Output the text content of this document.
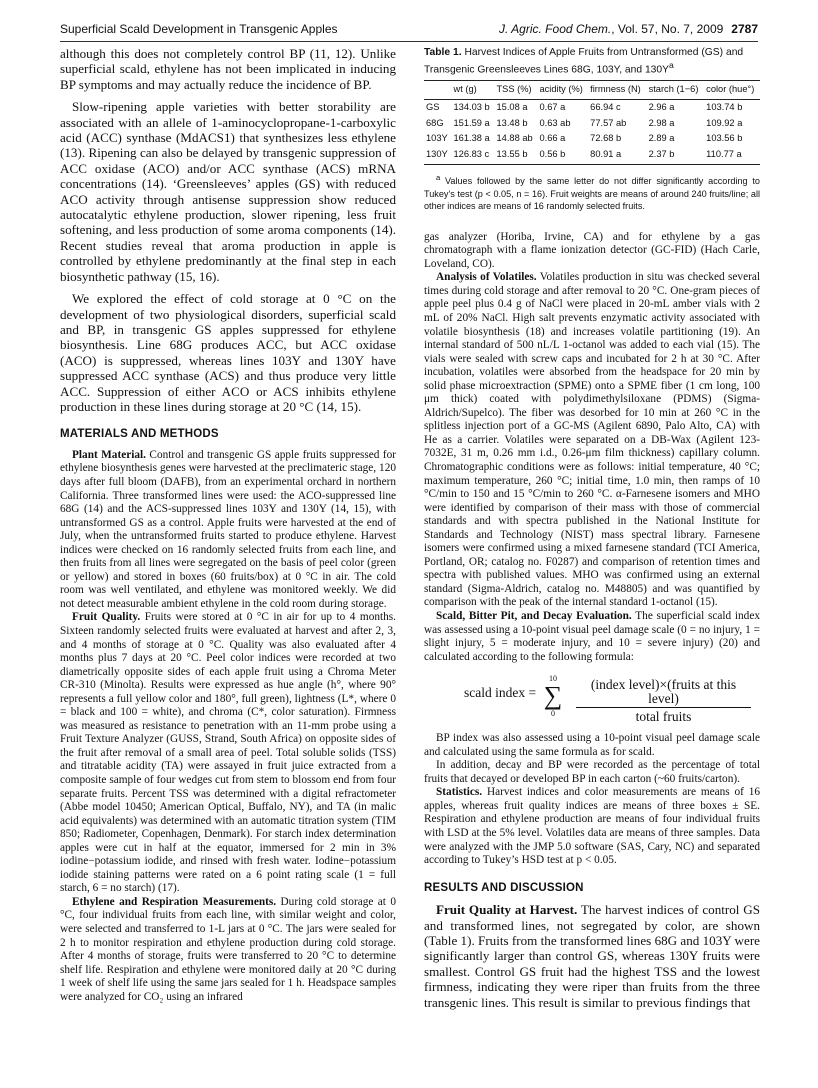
Superficial Scald Development in Transgenic Apples	J. Agric. Food Chem., Vol. 57, No. 7, 2009 2787

although this does not completely control BP (11, 12). Unlike superficial scald, ethylene has not been implicated in inducing BP symptoms and may actually reduce the incidence of BP.

Slow-ripening apple varieties with better storability are associated with an allele of 1-aminocyclopropane-1-carboxylic acid (ACC) synthase (MdACS1) that synthesizes less ethylene (13). Ripening can also be delayed by transgenic suppression of ACC oxidase (ACO) and/or ACC synthase (ACS) mRNA concentrations (14). ‘Greensleeves’ apples (GS) with reduced ACO activity through antisense suppression show reduced autocatalytic ethylene production, slower ripening, less fruit softening, and less production of some aroma components (14). Recent studies reveal that aroma production in apple is controlled by ethylene predominantly at the final step in each biosynthetic pathway (15, 16).

We explored the effect of cold storage at 0 °C on the development of two physiological disorders, superficial scald and BP, in transgenic GS apples suppressed for ethylene biosynthesis. Line 68G produces ACC, but ACC oxidase (ACO) is suppressed, whereas lines 103Y and 130Y have suppressed ACC synthase (ACS) and thus produce very little ACC. Suppression of either ACO or ACS inhibits ethylene production in these lines during storage at 20 °C (14, 15).

MATERIALS AND METHODS

Plant Material. Control and transgenic GS apple fruits suppressed for ethylene biosynthesis genes were harvested at the preclimateric stage, 120 days after full bloom (DAFB), from an experimental orchard in northern California. Three transformed lines were used: the ACO-suppressed line 68G (14) and the ACS-suppressed lines 103Y and 130Y (14, 15), with untransformed GS as a control. Apple fruits were harvested at the end of July, when the untransformed fruits started to produce ethylene. Harvest indices were checked on 16 randomly selected fruits from each line, and then fruits from all lines were segregated on the basis of peel color (green or yellow) and stored in boxes (60 fruits/box) at 0 °C in air. The cold room was well ventilated, and ethylene was monitored weekly. We did not detect measurable ambient ethylene in the cold room during storage.

Fruit Quality. Fruits were stored at 0 °C in air for up to 4 months. Sixteen randomly selected fruits were evaluated at harvest and after 2, 3, and 4 months of storage at 0 °C. Quality was also evaluated after 4 months plus 7 days at 20 °C. Peel color indices were recorded at two diametrically opposite sides of each apple fruit using a Chroma Meter CR-310 (Minolta). Results were expressed as hue angle (h°, where 90° represents a full yellow color and 180°, full green), lightness (L*, where 0 = black and 100 = white), and chroma (C*, color saturation). Firmness was measured as resistance to penetration with an 11-mm probe using a Fruit Texture Analyzer (GUSS, Strand, South Africa) on opposite sides of the fruit after removal of a small area of peel. Total soluble solids (TSS) and titratable acidity (TA) were assayed in fruit juice extracted from a composite sample of four wedges cut from stem to blossom end from four separate fruits. Percent TSS was determined with a digital refractometer (Abbe model 10450; American Optical, Buffalo, NY), and TA (in malic acid equivalents) was determined with an automatic titration system (TIM 850; Radiometer, Copenhagen, Denmark). For starch index determination apples were cut in half at the equator, immersed for 2 min in 3% iodine−potassium iodide, and rinsed with fresh water. Iodine−potassium iodide staining patterns were rated on a 6 point rating scale (1 = full starch, 6 = no starch) (17).

Ethylene and Respiration Measurements. During cold storage at 0 °C, four individual fruits from each line, with similar weight and color, were selected and transferred to 1-L jars at 0 °C. The jars were sealed for 2 h to monitor respiration and ethylene production during cold storage. After 4 months of storage, fruits were transferred to 20 °C to determine shelf life. Respiration and ethylene were monitored daily at 20 °C during 1 week of shelf life using the same jars sealed for 1 h. Headspace samples were analyzed for CO₂ using an infrared

Table 1. Harvest Indices of Apple Fruits from Untransformed (GS) and Transgenic Greensleeves Lines 68G, 103Y, and $130Y^a$
	wt (g)	TSS (%)	acidity (%)	firmness (N)	starch (1−6)	color (hue°)
GS	134.03 b	15.08 a	0.67 a	66.94 c	2.96 a	103.74 b
68G	151.59 a	13.48 b	0.63 ab	77.57 ab	2.98 a	109.92 a
103Y	161.38 a	14.88 ab	0.66 a	72.68 b	2.89 a	103.56 b
130Y	126.83 c	13.55 b	0.56 b	80.91 a	2.37 b	110.77 a

$^a$ Values followed by the same letter do not differ significantly according to Tukey’s test (p < 0.05, n = 16). Fruit weights are means of around 240 fruits/line; all other indices are means of 16 randomly selected fruits.

gas analyzer (Horiba, Irvine, CA) and for ethylene by a gas chromatograph with a flame ionization detector (GC-FID) (Hach Carle, Loveland, CO).

Analysis of Volatiles. Volatiles production in situ was checked several times during cold storage and after removal to 20 °C. One-gram pieces of apple peel plus 0.4 g of NaCl were placed in 20-mL amber vials with 2 mL of 20% NaCl. High salt prevents enzymatic activity associated with volatile biosynthesis (18) and increases volatile partitioning (19). An internal standard of 500 nL/L 1-octanol was added to each vial (15). The vials were sealed with screw caps and incubated for 2 h at 30 °C. After incubation, volatiles were absorbed from the headspace for 20 min by solid phase microextraction (SPME) onto a SPME fiber (1 cm long, 100 μm thick) coated with polydimethylsiloxane (PDMS) (Sigma-Aldrich/Supelco). The fiber was desorbed for 10 min at 260 °C in the splitless injection port of a GC-MS (Agilent 6890, Palo Alto, CA) with He as a carrier. Volatiles were separated on a DB-Wax (Agilent 123-7032E, 31 m, 0.26 mm i.d., 0.26-μm film thickness) capillary column. Chromatographic conditions were as follows: initial temperature, 40 °C; maximum temperature, 260 °C; initial time, 1.0 min, then ramps of 10 °C/min to 150 and 15 °C/min to 260 °C. α-Farnesene isomers and MHO were identified by comparison of their mass with those of commercial standards and with spectra published in the National Institute for Standards and Technology (NIST) mass spectral library. Farnesene isomers were confirmed using a mixed farnesene standard (TCI America, Portland, OR; catalog no. F0287) and comparison of retention times and spectra with published values. MHO was confirmed using an external standard (Sigma-Aldrich, catalog no. M48805) and was quantified by comparison with the peak of the internal standard 1-octanol (15).

Scald, Bitter Pit, and Decay Evaluation. The superficial scald index was assessed using a 10-point visual peel damage scale (0 = no injury, 1 = slight injury, 5 = moderate injury, and 10 = severe injury) (20) and calculated according to the following formula:

scald index =
10
∑
0
(index level)×(fruits at this level)
total fruits

BP index was also assessed using a 10-point visual peel damage scale and calculated using the same formula as for scald.

In addition, decay and BP were recorded as the percentage of total fruits that decayed or developed BP in each carton (~60 fruits/carton).

Statistics. Harvest indices and color measurements are means of 16 apples, whereas fruit quality indices are means of three boxes ± SE. Respiration and ethylene production are means of four individual fruits with LSD at the 5% level. Volatiles data are means of three samples. Data were analyzed with the JMP 5.0 software (SAS, Cary, NC) and separated according to Tukey’s HSD test at p < 0.05.

RESULTS AND DISCUSSION

Fruit Quality at Harvest. The harvest indices of control GS and transformed lines, not segregated by color, are shown (Table 1). Fruits from the transformed lines 68G and 103Y were significantly larger than control GS, whereas 130Y fruits were smallest. Control GS fruit had the highest TSS and the lowest firmness, indicating they were riper than fruits from the three transgenic lines. This result is similar to previous findings that
